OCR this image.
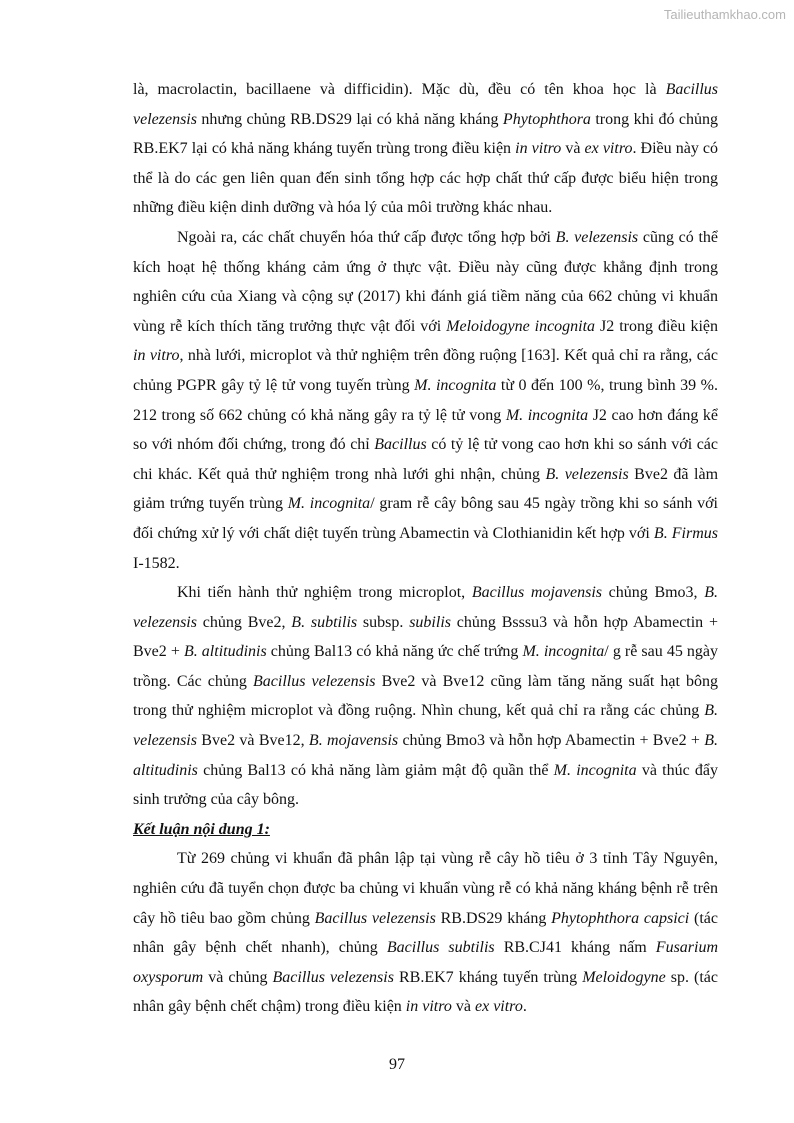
Tailieuthamkhao.com

là, macrolactin, bacillaene và difficidin). Mặc dù, đều có tên khoa học là Bacillus velezensis nhưng chủng RB.DS29 lại có khả năng kháng Phytophthora trong khi đó chủng RB.EK7 lại có khả năng kháng tuyến trùng trong điều kiện in vitro và ex vitro. Điều này có thể là do các gen liên quan đến sinh tổng hợp các hợp chất thứ cấp được biểu hiện trong những điều kiện dinh dưỡng và hóa lý của môi trường khác nhau.

Ngoài ra, các chất chuyển hóa thứ cấp được tổng hợp bởi B. velezensis cũng có thể kích hoạt hệ thống kháng cảm ứng ở thực vật. Điều này cũng được khẳng định trong nghiên cứu của Xiang và cộng sự (2017) khi đánh giá tiềm năng của 662 chủng vi khuẩn vùng rễ kích thích tăng trưởng thực vật đối với Meloidogyne incognita J2 trong điều kiện in vitro, nhà lưới, microplot và thử nghiệm trên đồng ruộng [163]. Kết quả chỉ ra rằng, các chủng PGPR gây tỷ lệ tử vong tuyến trùng M. incognita từ 0 đến 100 %, trung bình 39 %. 212 trong số 662 chủng có khả năng gây ra tỷ lệ tử vong M. incognita J2 cao hơn đáng kể so với nhóm đối chứng, trong đó chỉ Bacillus có tỷ lệ tử vong cao hơn khi so sánh với các chi khác. Kết quả thử nghiệm trong nhà lưới ghi nhận, chủng B. velezensis Bve2 đã làm giảm trứng tuyến trùng M. incognita/ gram rễ cây bông sau 45 ngày trồng khi so sánh với đối chứng xử lý với chất diệt tuyến trùng Abamectin và Clothianidin kết hợp với B. Firmus I-1582.

Khi tiến hành thử nghiệm trong microplot, Bacillus mojavensis chủng Bmo3, B. velezensis chủng Bve2, B. subtilis subsp. subilis chủng Bsssu3 và hỗn hợp Abamectin + Bve2 + B. altitudinis chủng Bal13 có khả năng ức chế trứng M. incognita/ g rễ sau 45 ngày trồng. Các chủng Bacillus velezensis Bve2 và Bve12 cũng làm tăng năng suất hạt bông trong thử nghiệm microplot và đồng ruộng. Nhìn chung, kết quả chỉ ra rằng các chủng B. velezensis Bve2 và Bve12, B. mojavensis chủng Bmo3 và hỗn hợp Abamectin + Bve2 + B. altitudinis chủng Bal13 có khả năng làm giảm mật độ quần thể M. incognita và thúc đẩy sinh trưởng của cây bông.

Kết luận nội dung 1:

Từ 269 chủng vi khuẩn đã phân lập tại vùng rễ cây hồ tiêu ở 3 tỉnh Tây Nguyên, nghiên cứu đã tuyển chọn được ba chủng vi khuẩn vùng rễ có khả năng kháng bệnh rễ trên cây hồ tiêu bao gồm chủng Bacillus velezensis RB.DS29 kháng Phytophthora capsici (tác nhân gây bệnh chết nhanh), chủng Bacillus subtilis RB.CJ41 kháng nấm Fusarium oxysporum và chủng Bacillus velezensis RB.EK7 kháng tuyến trùng Meloidogyne sp. (tác nhân gây bệnh chết chậm) trong điều kiện in vitro và ex vitro.

97
